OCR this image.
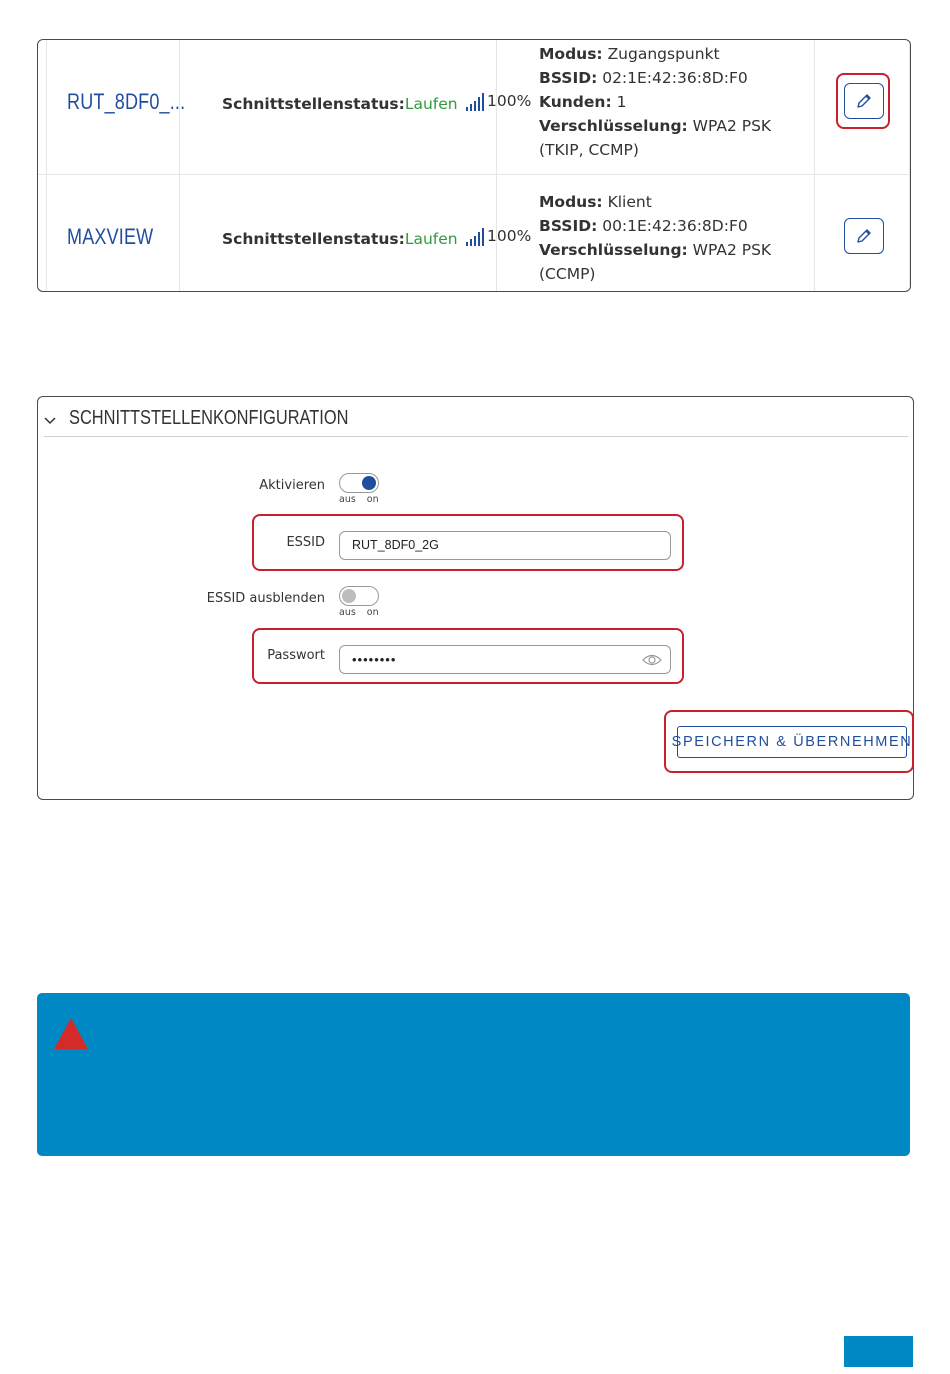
RUT_8DF0_... Schnittstellenstatus:Laufen	100%
Modus: Zugangspunkt
BSSID: 02:1E:42:36:8D:F0
Kunden: 1
Verschlüsselung: WPA2 PSK (TKIP, CCMP)
MAXVIEW	Schnittstellenstatus:Laufen	100%
Modus: Klient
BSSID: 00:1E:42:36:8D:F0
Verschlüsselung: WPA2 PSK (CCMP)
SCHNITTSTELLENKONFIGURATION
Aktivieren
aus on
ESSID	RUT_8DF0_2G
ESSID ausblenden
aus on
Passwort	••••••••
SPEICHERN & ÜBERNEHMEN
